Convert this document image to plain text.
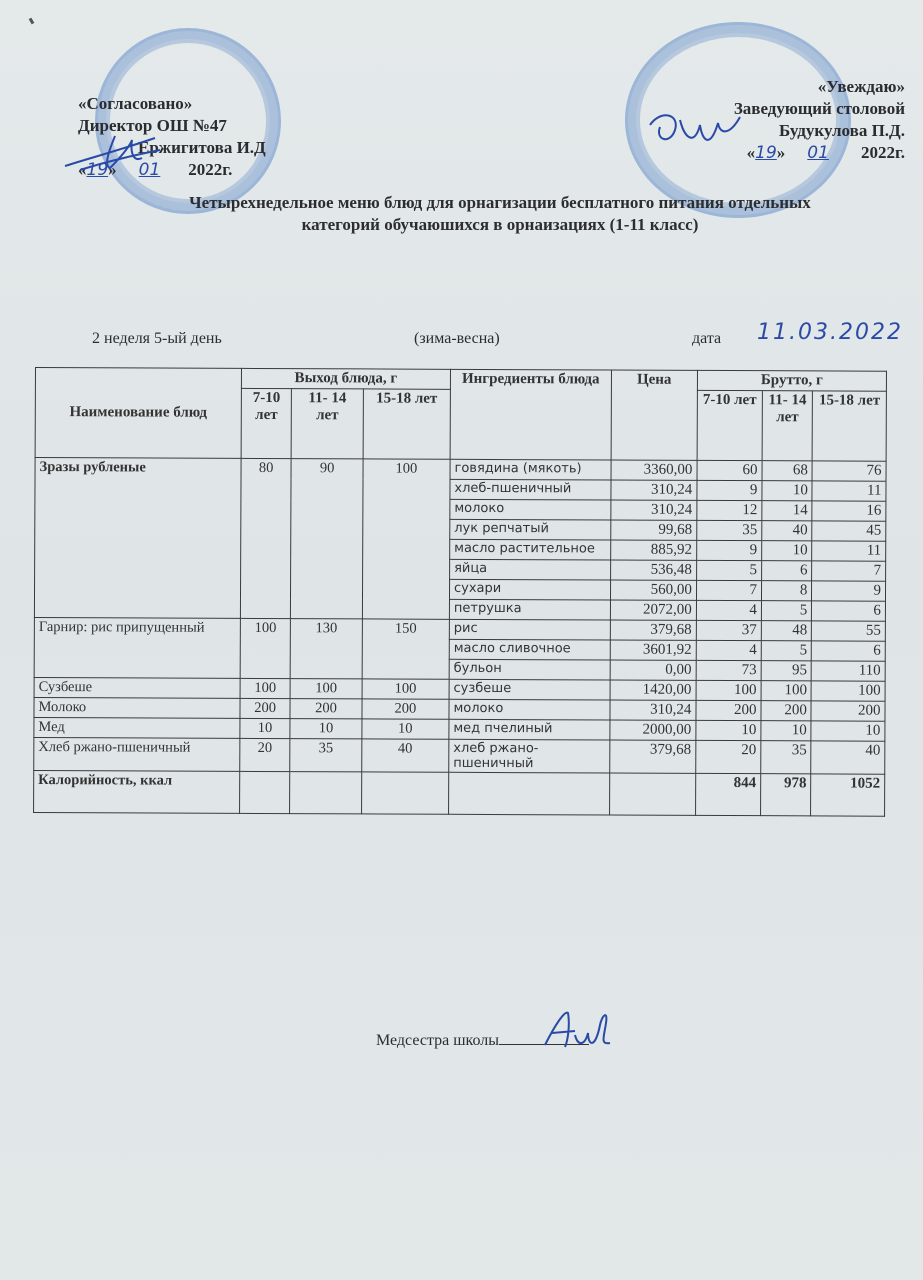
«Согласовано»
Директор ОШ №47
Ержигитова И.Д
«19» 01 2022г.
«Увеждаю»
Заведующий столовой
Будукулова П.Д.
«19» 01 2022г.
Четырехнедельное меню блюд для орнагизации бесплатного питания отдельных
категорий обучаюшихся в орнаизациях (1-11 класс)
2 неделя 5-ый день	(зима-весна)	дата 11.03.2022
Наименование блюд	Выход блюда, г			Ингредиенты блюда	Цена	Брутто, г		
	7-10 лет	11- 14 лет	15-18 лет			7-10 лет	11- 14 лет	15-18 лет
Зразы рубленые	80	90	100	говядина (мякоть)	3360,00	60	68	76
				хлеб-пшеничный	310,24	9	10	11
				молоко	310,24	12	14	16
				лук репчатый	99,68	35	40	45
				масло растительное	885,92	9	10	11
				яйца	536,48	5	6	7
				сухари	560,00	7	8	9
				петрушка	2072,00	4	5	6
Гарнир: рис припущенный	100	130	150	рис	379,68	37	48	55
				масло сливочное	3601,92	4	5	6
				бульон	0,00	73	95	110
Сузбеше	100	100	100	сузбеше	1420,00	100	100	100
Молоко	200	200	200	молоко	310,24	200	200	200
Мед	10	10	10	мед пчелиный	2000,00	10	10	10
Хлеб ржано-пшеничный	20	35	40	хлеб ржано-пшеничный	379,68	20	35	40
Калорийность, ккал						844	978	1052
Медсестра школы
